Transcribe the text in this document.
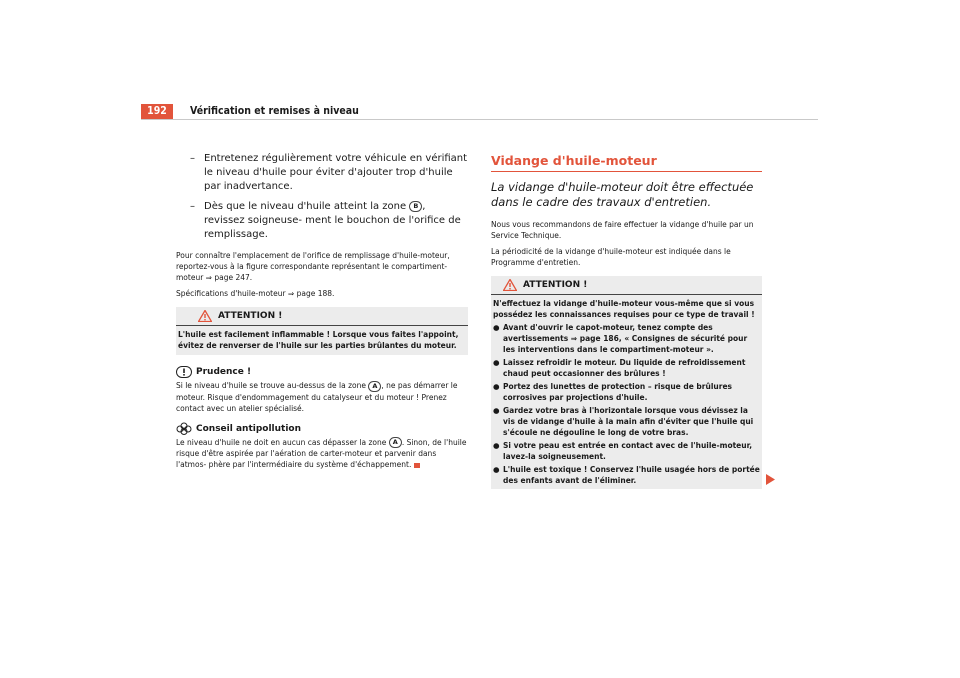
192	Vérification et remises à niveau
– Entretenez régulièrement votre véhicule en vérifiant le niveau d'huile pour éviter d'ajouter trop d'huile par inadvertance.
– Dès que le niveau d'huile atteint la zone B , revissez soigneuse- ment le bouchon de l'orifice de remplissage.

Pour connaître l'emplacement de l'orifice de remplissage d'huile-moteur, reportez-vous à la figure correspondante représentant le compartiment- moteur ⇒ page 247.

Spécifications d'huile-moteur ⇒ page 188.

ATTENTION !
L'huile est facilement inflammable ! Lorsque vous faites l'appoint, évitez de renverser de l'huile sur les parties brûlantes du moteur.
Prudence !

Si le niveau d'huile se trouve au-dessus de la zone A , ne pas démarrer le moteur. Risque d'endommagement du catalyseur et du moteur ! Prenez contact avec un atelier spécialisé.

Conseil antipollution

Le niveau d'huile ne doit en aucun cas dépasser la zone A . Sinon, de l'huile risque d'être aspirée par l'aération de carter-moteur et parvenir dans l'atmos- phère par l'intermédiaire du système d'échappement.

Vidange d'huile-moteur
La vidange d'huile-moteur doit être effectuée dans le cadre des travaux d'entretien.

Nous vous recommandons de faire effectuer la vidange d'huile par un Service Technique.

La périodicité de la vidange d'huile-moteur est indiquée dans le Programme d'entretien.

ATTENTION !
N'effectuez la vidange d'huile-moteur vous-même que si vous possédez les connaissances requises pour ce type de travail !
● Avant d'ouvrir le capot-moteur, tenez compte des avertissements ⇒ page 186, « Consignes de sécurité pour les interventions dans le compartiment-moteur ».
● Laissez refroidir le moteur. Du liquide de refroidissement chaud peut occasionner des brûlures !
● Portez des lunettes de protection – risque de brûlures corrosives par projections d'huile.
● Gardez votre bras à l'horizontale lorsque vous dévissez la vis de vidange d'huile à la main afin d'éviter que l'huile qui s'écoule ne dégouline le long de votre bras.
● Si votre peau est entrée en contact avec de l'huile-moteur, lavez-la soigneusement.
● L'huile est toxique ! Conservez l'huile usagée hors de portée des enfants avant de l'éliminer.
